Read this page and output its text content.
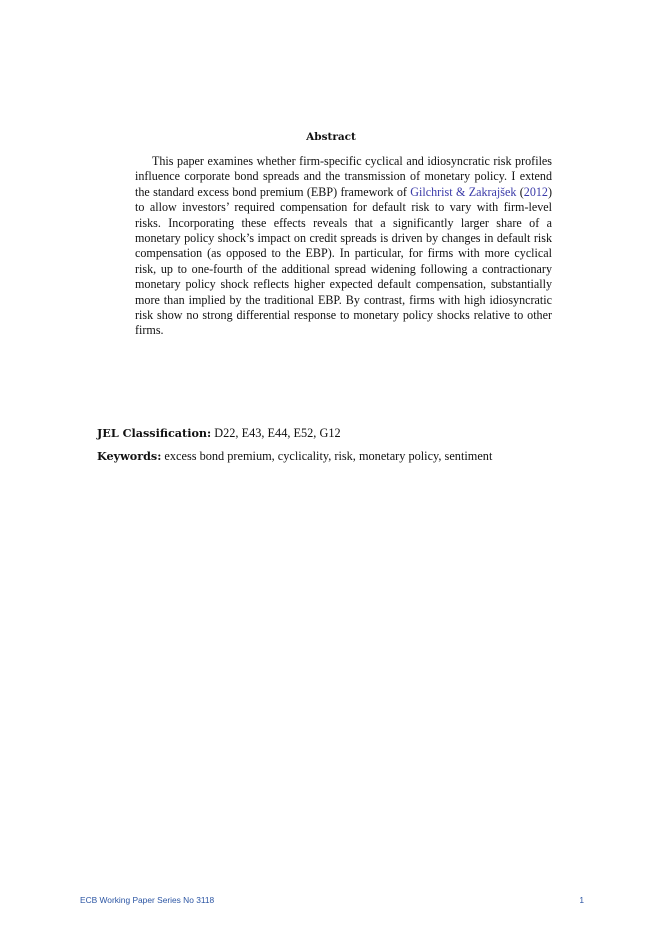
Abstract

This paper examines whether firm-specific cyclical and idiosyncratic risk profiles influence corporate bond spreads and the transmission of monetary policy. I extend the standard excess bond premium (EBP) framework of Gilchrist & Zakrajšek (2012) to allow investors’ required compensation for default risk to vary with firm-level risks. Incorporating these effects reveals that a significantly larger share of a monetary policy shock’s impact on credit spreads is driven by changes in default risk compensation (as opposed to the EBP). In particular, for firms with more cyclical risk, up to one-fourth of the additional spread widening following a contractionary monetary policy shock reflects higher expected default compensation, substantially more than implied by the traditional EBP. By contrast, firms with high idiosyncratic risk show no strong differential response to monetary policy shocks relative to other firms.

JEL Classification: D22, E43, E44, E52, G12
Keywords: excess bond premium, cyclicality, risk, monetary policy, sentiment
ECB Working Paper Series No 3118	1
